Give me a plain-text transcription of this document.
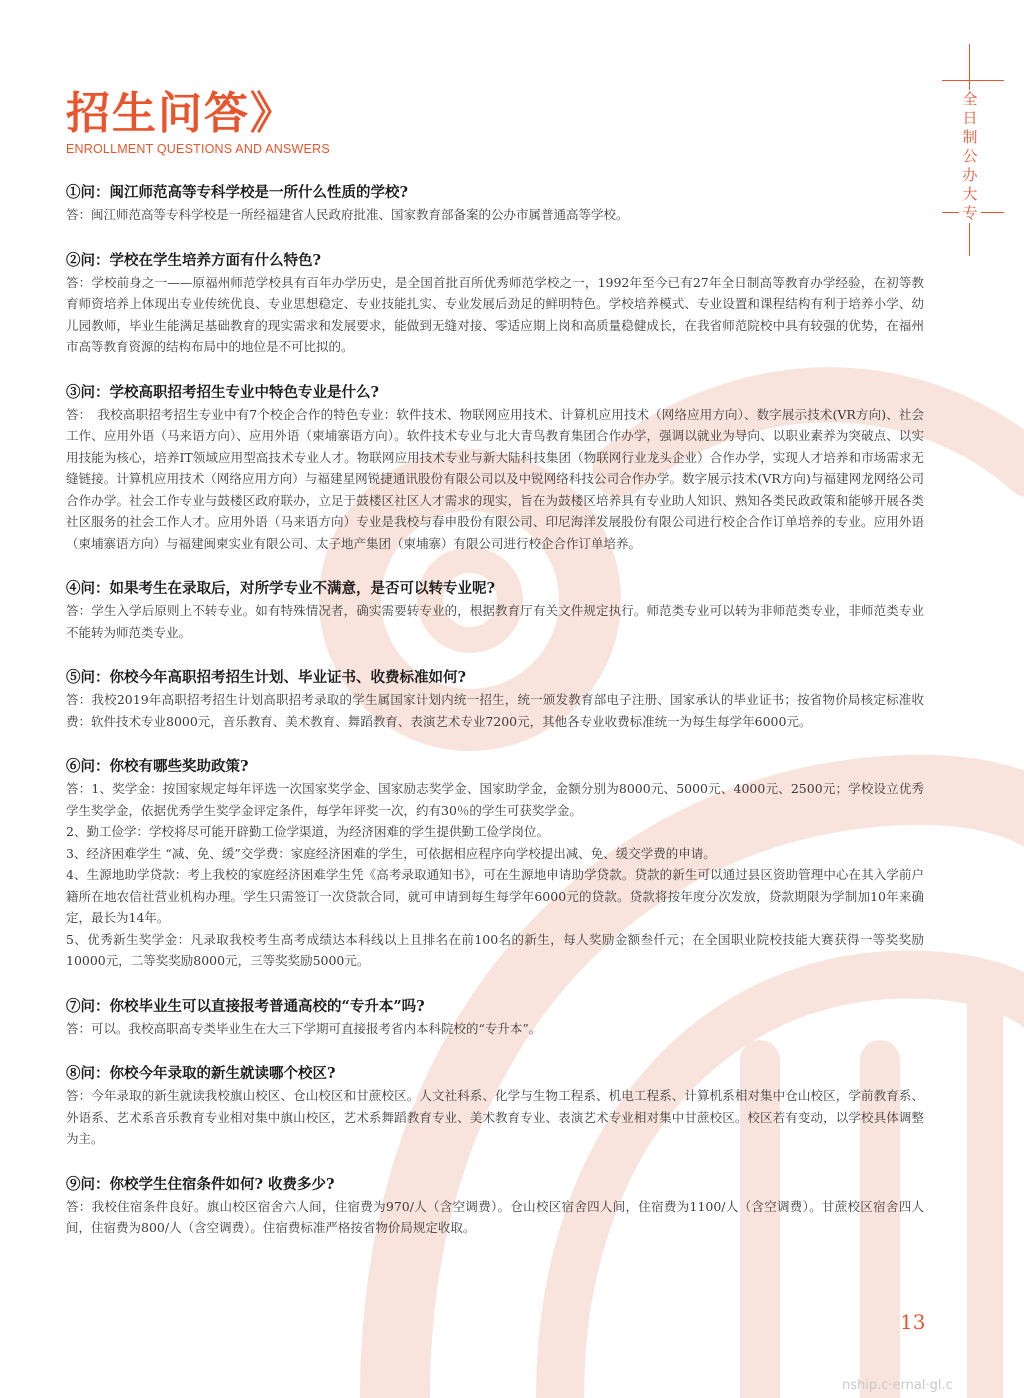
招生问答》
ENROLLMENT QUESTIONS AND ANSWERS
全日制公办大专
①问：闽江师范高等专科学校是一所什么性质的学校?
答：闽江师范高等专科学校是一所经福建省人民政府批准、国家教育部备案的公办市属普通高等学校。
②问：学校在学生培养方面有什么特色?
答：学校前身之一——原福州师范学校具有百年办学历史，是全国首批百所优秀师范学校之一，1992年至今已有27年全日制高等教育办学经验，在初等教育师资培养上体现出专业传统优良、专业思想稳定、专业技能扎实、专业发展后劲足的鲜明特色。学校培养模式、专业设置和课程结构有利于培养小学、幼儿园教师，毕业生能满足基础教育的现实需求和发展要求，能做到无缝对接、零适应期上岗和高质量稳健成长，在我省师范院校中具有较强的优势，在福州市高等教育资源的结构布局中的地位是不可比拟的。
③问：学校高职招考招生专业中特色专业是什么?
答：　我校高职招考招生专业中有7个校企合作的特色专业：软件技术、物联网应用技术、计算机应用技术（网络应用方向）、数字展示技术(VR方向)、社会工作、应用外语（马来语方向）、应用外语（柬埔寨语方向）。软件技术专业与北大青鸟教育集团合作办学，强调以就业为导向、以职业素养为突破点、以实用技能为核心，培养IT领域应用型高技术专业人才。物联网应用技术专业与新大陆科技集团（物联网行业龙头企业）合作办学，实现人才培养和市场需求无缝链接。计算机应用技术（网络应用方向）与福建星网锐捷通讯股份有限公司以及中锐网络科技公司合作办学。数字展示技术(VR方向)与福建网龙网络公司合作办学。社会工作专业与鼓楼区政府联办，立足于鼓楼区社区人才需求的现实，旨在为鼓楼区培养具有专业助人知识、熟知各类民政政策和能够开展各类社区服务的社会工作人才。应用外语（马来语方向）专业是我校与春申股份有限公司、印尼海洋发展股份有限公司进行校企合作订单培养的专业。应用外语（柬埔寨语方向）与福建闽柬实业有限公司、太子地产集团（柬埔寨）有限公司进行校企合作订单培养。
④问：如果考生在录取后，对所学专业不满意，是否可以转专业呢?
答：学生入学后原则上不转专业。如有特殊情况者，确实需要转专业的，根据教育厅有关文件规定执行。师范类专业可以转为非师范类专业，非师范类专业不能转为师范类专业。
⑤问：你校今年高职招考招生计划、毕业证书、收费标准如何?
答：我校2019年高职招考招生计划高职招考录取的学生属国家计划内统一招生，统一颁发教育部电子注册、国家承认的毕业证书；按省物价局核定标准收费：软件技术专业8000元，音乐教育、美术教育、舞蹈教育、表演艺术专业7200元，其他各专业收费标准统一为每生每学年6000元。
⑥问：你校有哪些奖助政策?
答：1、奖学金：按国家规定每年评选一次国家奖学金、国家励志奖学金、国家助学金，金额分别为8000元、5000元、4000元、2500元；学校设立优秀学生奖学金，依据优秀学生奖学金评定条件，每学年评奖一次，约有30％的学生可获奖学金。
2、勤工俭学：学校将尽可能开辟勤工俭学渠道，为经济困难的学生提供勤工俭学岗位。
3、经济困难学生 “减、免、缓”交学费：家庭经济困难的学生，可依据相应程序向学校提出减、免、缓交学费的申请。
4、生源地助学贷款：考上我校的家庭经济困难学生凭《高考录取通知书》，可在生源地申请助学贷款。贷款的新生可以通过县区资助管理中心在其入学前户籍所在地农信社营业机构办理。学生只需签订一次贷款合同，就可申请到每生每学年6000元的贷款。贷款将按年度分次发放，贷款期限为学制加10年来确定，最长为14年。
5、优秀新生奖学金：凡录取我校考生高考成绩达本科线以上且排名在前100名的新生，每人奖励金额叁仟元；在全国职业院校技能大赛获得一等奖奖励10000元，二等奖奖励8000元，三等奖奖励5000元。
⑦问：你校毕业生可以直接报考普通高校的“专升本”吗?
答：可以。我校高职高专类毕业生在大三下学期可直接报考省内本科院校的“专升本”。
⑧问：你校今年录取的新生就读哪个校区?
答：今年录取的新生就读我校旗山校区、仓山校区和甘蔗校区。人文社科系、化学与生物工程系、机电工程系、计算机系相对集中仓山校区，学前教育系、外语系、艺术系音乐教育专业相对集中旗山校区，艺术系舞蹈教育专业、美术教育专业、表演艺术专业相对集中甘蔗校区。校区若有变动，以学校具体调整为主。
⑨问：你校学生住宿条件如何? 收费多少?
答：我校住宿条件良好。旗山校区宿舍六人间，住宿费为970/人（含空调费）。仓山校区宿舍四人间，住宿费为1100/人（含空调费）。甘蔗校区宿舍四人间，住宿费为800/人（含空调费）。住宿费标准严格按省物价局规定收取。
13
nship.c·ernal·gl.c
